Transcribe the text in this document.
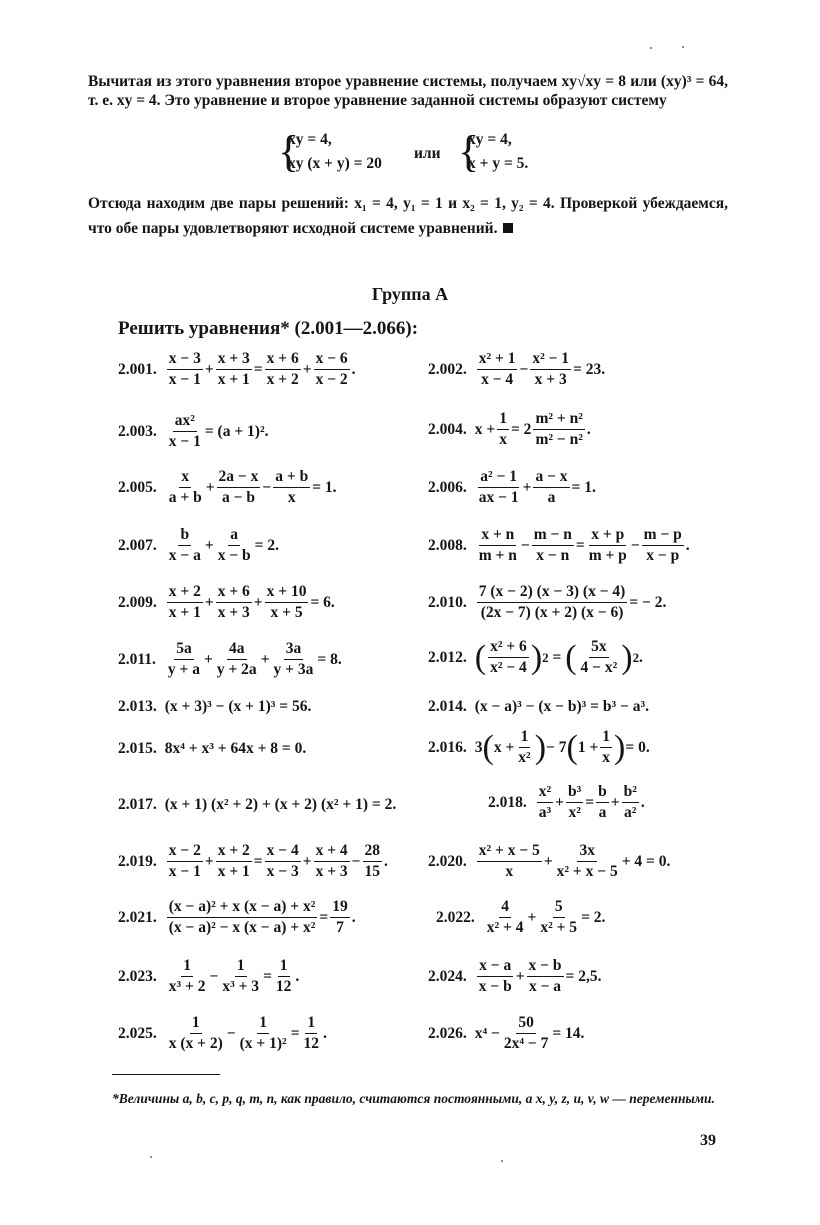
Вычитая из этого уравнения второе уравнение системы, получаем xy√xy = 8 или (xy)³ = 64, т. е. xy = 4. Это уравнение и второе уравнение заданной системы образуют систему
{
xy = 4,
xy (x + y) = 20
или {
xy = 4,
x + y = 5.
Отсюда находим две пары решений: x₁ = 4, y₁ = 1 и x₂ = 1, y₂ = 4. Проверкой убеждаемся, что обе пары удовлетворяют исходной системе уравнений.
Группа А
Решить уравнения* (2.001—2.066):
2.001. $\frac{x - 3}{x - 1} + \frac{x + 3}{x + 1} = \frac{x + 6}{x + 2} + \frac{x - 6}{x - 2}$ .	2.002. $\frac{\text{x² + 1}}{x - 4} - \frac{\text{x² − 1}}{x + 3} = 23$.
2.003. $\frac{\text{ax²}}{x - 1} = (a + 1)^2$.	2.004. $x + \frac{1}{x} = 2 \frac{\text{m² + n²}}{\text{m² − n²}}$ .
2.005. $\frac{x}{a + b} + \frac{2a - x}{a - b} - \frac{a + b}{x} = 1$.	2.006. $\frac{\text{a² − 1}}{ax - 1} + \frac{a - x}{a} = 1$.
2.007. $\frac{b}{x - a} + \frac{a}{x - b} = 2$.	2.008. $\frac{x + n}{m + n} - \frac{m - n}{x - n} = \frac{x + p}{m + p} - \frac{m - p}{x - p}$ .
2.009. $\frac{x + 2}{x + 1} + \frac{x + 6}{x + 3} + \frac{x + 10}{x + 5} = 6$.	2.010. $\frac{7 (x - 2) (x - 3) (x - 4)}{(2x - 7) (x + 2) (x - 6)}$ = − 2.
2.011. $\frac{5a}{y + a} + \frac{4a}{y + 2a} + \frac{3a}{y + 3a} = 8$.	2.012. ( $\frac{\text{x² + 6}}{\text{x² − 4}}$ ) 2 = ( $\frac{5x}{\text{4 − x²}}$ ) 2 .
2.013. (x + 3)³ − (x + 1)³ = 56.	2.014. (x − a)³ − (x − b)³ = b³ − a³.
2.015. 8x⁴ + x³ + 64x + 8 = 0.	2.016. 3 ( $x + \frac{1}{\text{x²}}$ ) − 7 ( $1 + \frac{1}{x}$ ) = 0.
2.017. (x + 1) (x² + 2) + (x + 2) (x² + 1) = 2.	2.018. $\frac{\text{x²}}{\text{a³}} + \frac{\text{b³}}{\text{x²}} = \frac{b}{a} + \frac{\text{b²}}{\text{a²}}$ .
2.019. $\frac{x - 2}{x - 1} + \frac{x + 2}{x + 1} = \frac{x - 4}{x - 3} + \frac{x + 4}{x + 3} - \frac{28}{15}$ .	2.020. $\frac{\text{x² + x − 5}}{x} + \frac{3x}{\text{x² + x − 5}} + 4 = 0$.
2.021. $\frac{\text{(x − a)² + x (x − a) + x²}}{\text{(x − a)² − x (x − a) + x²}} = \frac{19}{7}$ .	2.022. $\frac{4}{\text{x² + 4}} + \frac{5}{\text{x² + 5}} = 2$.
2.023. $\frac{1}{\text{x³ + 2}} - \frac{1}{\text{x³ + 3}} = \frac{1}{12}$ .	2.024. $\frac{x - a}{x - b} + \frac{x - b}{x - a} = 2,5$.
2.025. $\frac{1}{x (x + 2)} - \frac{1}{\text{(x + 1)²}} = \frac{1}{12}$ .	2.026. $x^4 - \frac{50}{\text{2x⁴ − 7}} = 14$.
*Величины a, b, c, p, q, m, n, как правило, считаются постоянными, а x, y, z, u, v, w — переменными.
39
